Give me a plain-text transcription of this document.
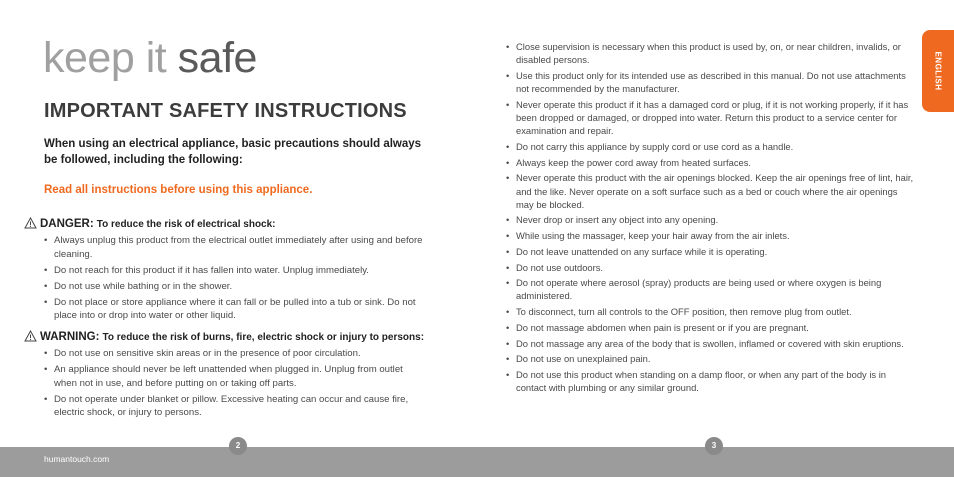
keep it safe
IMPORTANT SAFETY INSTRUCTIONS

When using an electrical appliance, basic precautions should always be followed, including the following:

Read all instructions before using this appliance.

DANGER: To reduce the risk of electrical shock:
• Always unplug this product from the electrical outlet immediately after using and before cleaning.
• Do not reach for this product if it has fallen into water. Unplug immediately.
• Do not use while bathing or in the shower.
• Do not place or store appliance where it can fall or be pulled into a tub or sink. Do not place into or drop into water or other liquid.
WARNING: To reduce the risk of burns, fire, electric shock or injury to persons:
• Do not use on sensitive skin areas or in the presence of poor circulation.
• An appliance should never be left unattended when plugged in. Unplug from outlet when not in use, and before putting on or taking off parts.
• Do not operate under blanket or pillow. Excessive heating can occur and cause fire, electric shock, or injury to persons.
• Close supervision is necessary when this product is used by, on, or near children, invalids, or disabled persons.
• Use this product only for its intended use as described in this manual. Do not use attachments not recommended by the manufacturer.
• Never operate this product if it has a damaged cord or plug, if it is not working properly, if it has been dropped or damaged, or dropped into water. Return this product to a service center for examination and repair.
• Do not carry this appliance by supply cord or use cord as a handle.
• Always keep the power cord away from heated surfaces.
• Never operate this product with the air openings blocked. Keep the air openings free of lint, hair, and the like. Never operate on a soft surface such as a bed or couch where the air openings may be blocked.
• Never drop or insert any object into any opening.
• While using the massager, keep your hair away from the air inlets.
• Do not leave unattended on any surface while it is operating.
• Do not use outdoors.
• Do not operate where aerosol (spray) products are being used or where oxygen is being administered.
• To disconnect, turn all controls to the OFF position, then remove plug from outlet.
• Do not massage abdomen when pain is present or if you are pregnant.
• Do not massage any area of the body that is swollen, inflamed or covered with skin eruptions.
• Do not use on unexplained pain.
• Do not use this product when standing on a damp floor, or when any part of the body is in contact with plumbing or any similar ground.
ENGLISH
humantouch.com
2	3
